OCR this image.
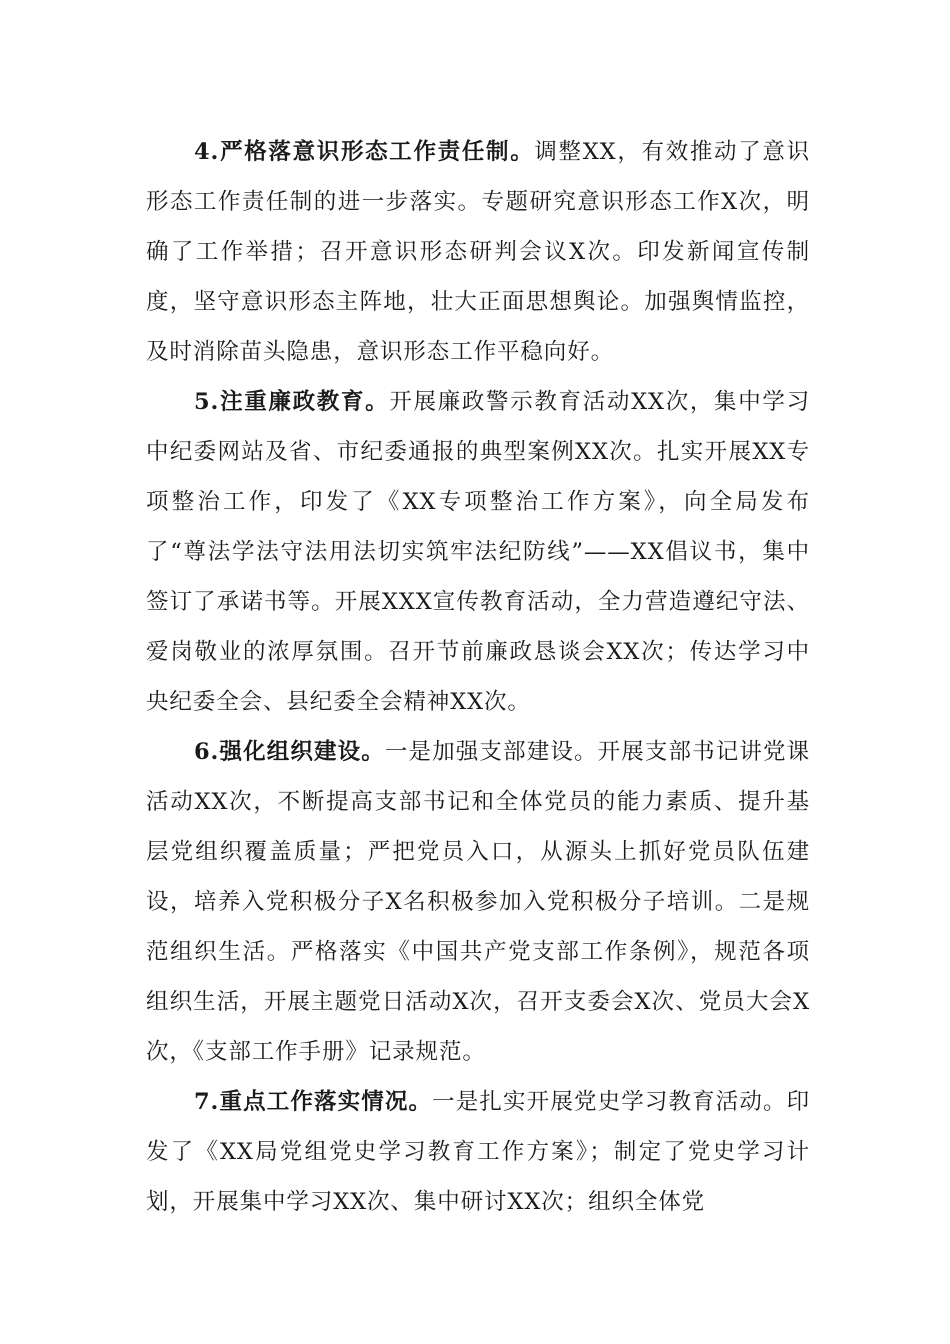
4.严格落意识形态工作责任制。调整XX，有效推动了意识形态工作责任制的进一步落实。专题研究意识形态工作X次，明确了工作举措；召开意识形态研判会议X次。印发新闻宣传制度，坚守意识形态主阵地，壮大正面思想舆论。加强舆情监控，及时消除苗头隐患，意识形态工作平稳向好。

5.注重廉政教育。开展廉政警示教育活动XX次，集中学习中纪委网站及省、市纪委通报的典型案例XX次。扎实开展XX专项整治工作，印发了《XX专项整治工作方案》，向全局发布了“尊法学法守法用法切实筑牢法纪防线”——XX倡议书，集中签订了承诺书等。开展XXX宣传教育活动，全力营造遵纪守法、爱岗敬业的浓厚氛围。召开节前廉政恳谈会XX次；传达学习中央纪委全会、县纪委全会精神XX次。

6.强化组织建设。一是加强支部建设。开展支部书记讲党课活动XX次，不断提高支部书记和全体党员的能力素质、提升基层党组织覆盖质量；严把党员入口，从源头上抓好党员队伍建设，培养入党积极分子X名积极参加入党积极分子培训。二是规范组织生活。严格落实《中国共产党支部工作条例》，规范各项组织生活，开展主题党日活动X次，召开支委会X次、党员大会X次，《支部工作手册》记录规范。

7.重点工作落实情况。一是扎实开展党史学习教育活动。印发了《XX局党组党史学习教育工作方案》；制定了党史学习计划，开展集中学习XX次、集中研讨XX次；组织全体党
